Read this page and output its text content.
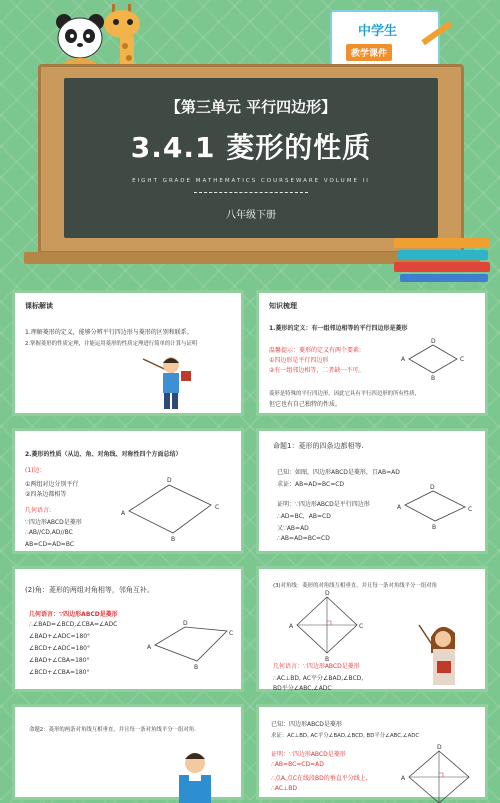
中学生
教学课件
【第三单元 平行四边形】
3.4.1 菱形的性质
EIGHT GRADE MATHEMATICS COURSEWARE VOLUME II
八年级下册
课标解读
1.理解菱形的定义，能够分辨平行四边形与菱形的区别和联系。
2.掌握菱形的性质定理，并能运用菱形的性质定理进行简单的计算与证明
知识梳理
1.菱形的定义：有一组邻边相等的平行四边形是菱形
温馨提示：菱形的定义有两个要素:
①四边形是平行四边形
②有一组邻边相等，二者缺一不可。
菱形是特殊的平行四边形，因此它具有平行四边形的所有性质，
但它也有自己独特的性质。
A
B
C
D
2.菱形的性质（从边、角、对角线、对称性四个方面总结）
(1)边：
①两组对边分别平行
②四条边都相等
几何语言:
∵四边形ABCD是菱形
∴AB//CD,AD//BC
AB=CD=AD=BC
A
B
C
D
命题1：菱形的四条边都相等.
已知：如图，四边形ABCD是菱形，且AB=AD
求证：AB=AD=BC=CD
证明：∵四边形ABCD是平行四边形
∴AD=BC，AB=CD
又∵AB=AD
∴AB=AD=BC=CD
A
B
C
D
(2)角：菱形的两组对角相等，邻角互补。
几何语言：∵四边形ABCD是菱形
∴∠BAD=∠BCD,∠CBA=∠ADC
∠BAD+∠ADC=180°
∠BCD+∠ADC=180°
∠BAD+∠CBA=180°
∠BCD+∠CBA=180°
A
B
C
D
(3)对角线：菱形的对角线互相垂直，并且每一条对角线平分一组对角
A
B
C
D
几何语言：∵四边形ABCD是菱形
∴AC⊥BD, AC平分∠BAD,∠BCD,
BD平分∠ABC,∠ADC
命题2：菱形的两条对角线互相垂直，并且每一条对角线平分一组对角.
已知：四边形ABCD是菱形
求证：AC⊥BD, AC平分∠BAD,∠BCD, BD平分∠ABC,∠ADC
证明：∵四边形ABCD是菱形
∴AB=BC=CD=AD
∴点A,点C在线段BD的垂直平分线上，
∴AC⊥BD
A
D
